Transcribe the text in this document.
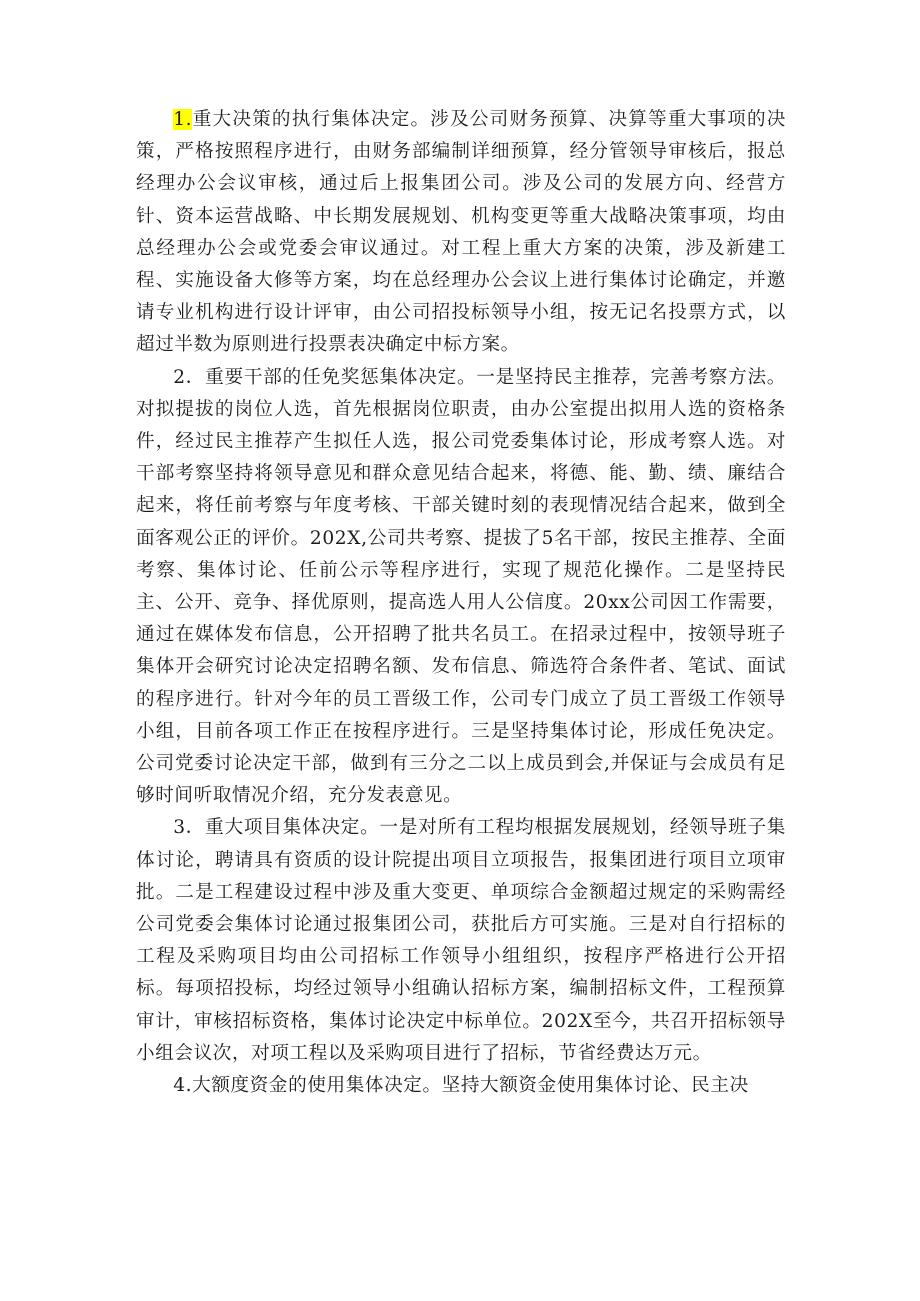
1.重大决策的执行集体决定。涉及公司财务预算、决算等重大事项的决策，严格按照程序进行，由财务部编制详细预算，经分管领导审核后，报总经理办公会议审核，通过后上报集团公司。涉及公司的发展方向、经营方针、资本运营战略、中长期发展规划、机构变更等重大战略决策事项，均由总经理办公会或党委会审议通过。对工程上重大方案的决策，涉及新建工程、实施设备大修等方案，均在总经理办公会议上进行集体讨论确定，并邀请专业机构进行设计评审，由公司招投标领导小组，按无记名投票方式，以超过半数为原则进行投票表决确定中标方案。

2．重要干部的任免奖惩集体决定。一是坚持民主推荐，完善考察方法。对拟提拔的岗位人选，首先根据岗位职责，由办公室提出拟用人选的资格条件，经过民主推荐产生拟任人选，报公司党委集体讨论，形成考察人选。对干部考察坚持将领导意见和群众意见结合起来，将德、能、勤、绩、廉结合起来，将任前考察与年度考核、干部关键时刻的表现情况结合起来，做到全面客观公正的评价。202X,公司共考察、提拔了5名干部，按民主推荐、全面考察、集体讨论、任前公示等程序进行，实现了规范化操作。二是坚持民主、公开、竞争、择优原则，提高选人用人公信度。20xx公司因工作需要，通过在媒体发布信息，公开招聘了批共名员工。在招录过程中，按领导班子集体开会研究讨论决定招聘名额、发布信息、筛选符合条件者、笔试、面试的程序进行。针对今年的员工晋级工作，公司专门成立了员工晋级工作领导小组，目前各项工作正在按程序进行。三是坚持集体讨论，形成任免决定。公司党委讨论决定干部，做到有三分之二以上成员到会,并保证与会成员有足够时间听取情况介绍，充分发表意见。

3．重大项目集体决定。一是对所有工程均根据发展规划，经领导班子集体讨论，聘请具有资质的设计院提出项目立项报告，报集团进行项目立项审批。二是工程建设过程中涉及重大变更、单项综合金额超过规定的采购需经公司党委会集体讨论通过报集团公司，获批后方可实施。三是对自行招标的工程及采购项目均由公司招标工作领导小组组织，按程序严格进行公开招标。每项招投标，均经过领导小组确认招标方案，编制招标文件，工程预算审计，审核招标资格，集体讨论决定中标单位。202X至今，共召开招标领导小组会议次，对项工程以及采购项目进行了招标，节省经费达万元。

4.大额度资金的使用集体决定。坚持大额资金使用集体讨论、民主决
